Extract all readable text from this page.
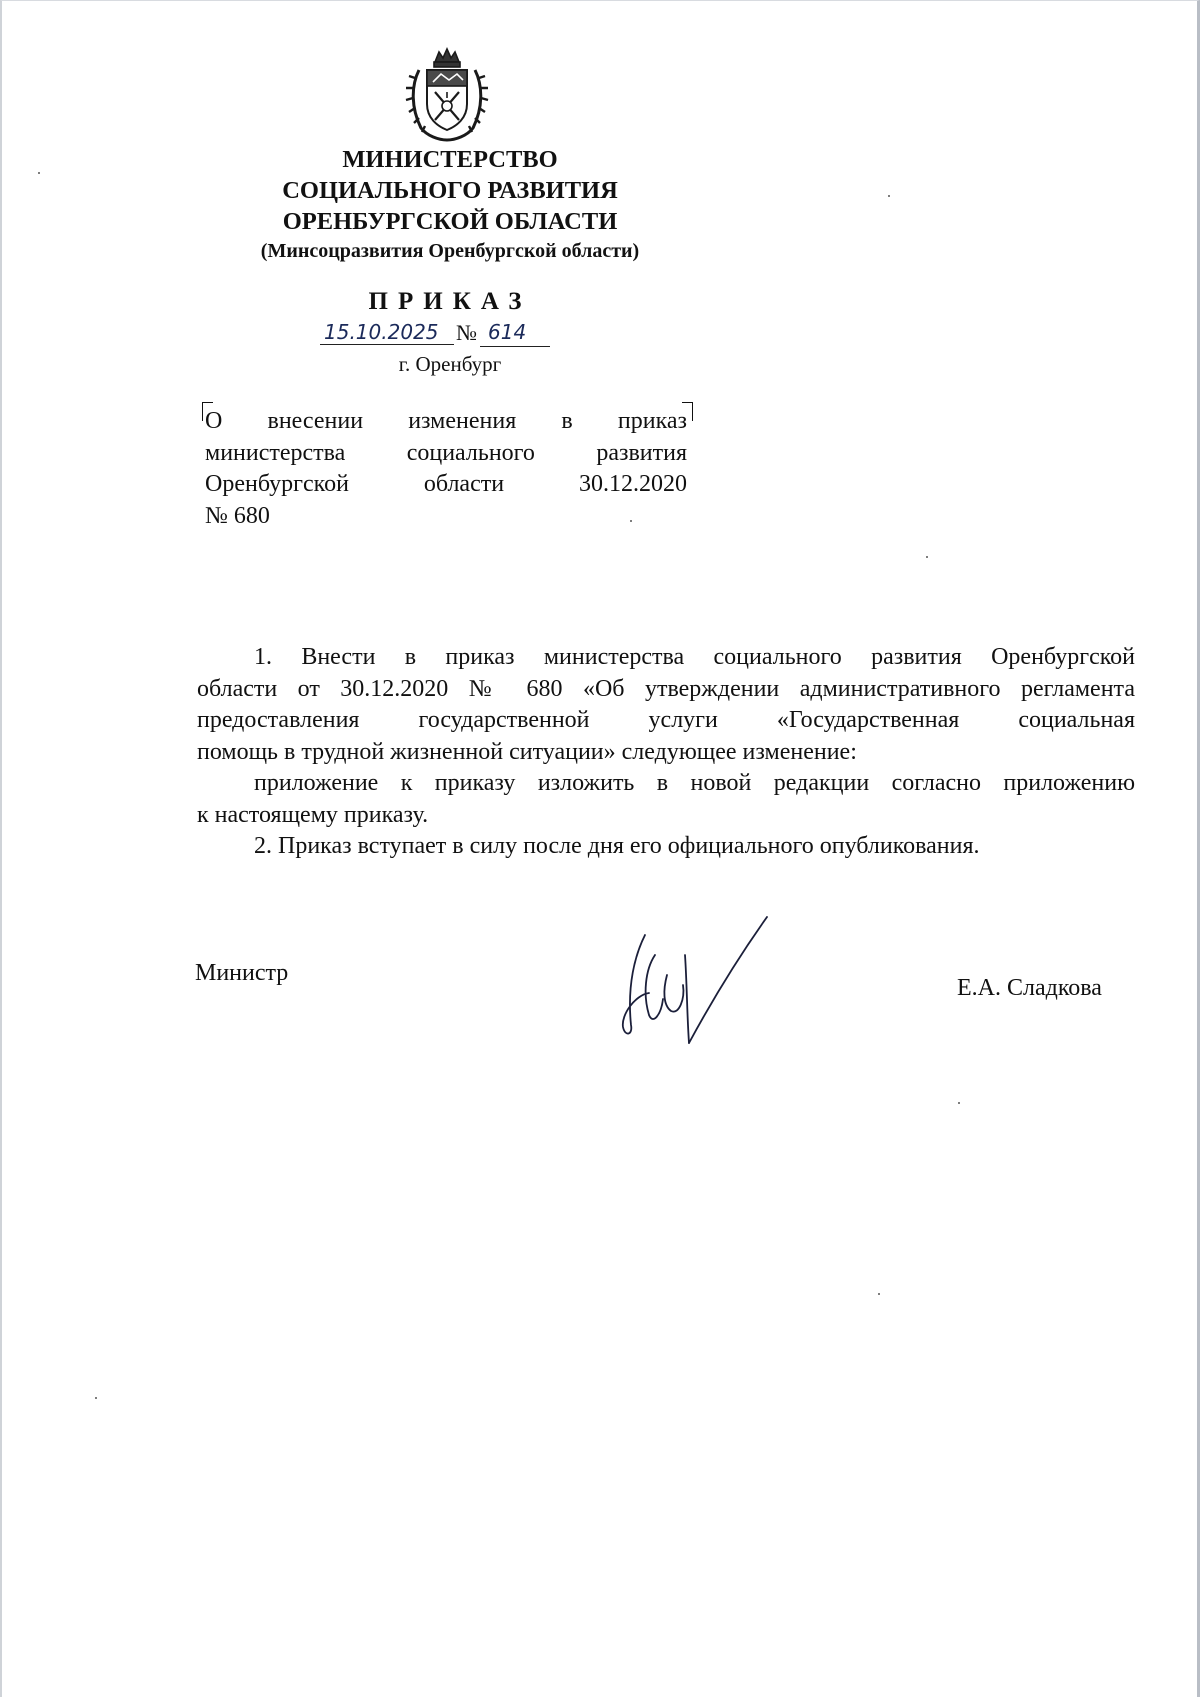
МИНИСТЕРСТВО
СОЦИАЛЬНОГО РАЗВИТИЯ
ОРЕНБУРГСКОЙ ОБЛАСТИ
(Минсоцразвития Оренбургской области)
ПРИКАЗ
15.10.2025 № 614
г. Оренбург
О внесении изменения в приказ
министерства социального развития
Оренбургской области 30.12.2020
№ 680
1. Внести в приказ министерства социального развития Оренбургской
области от 30.12.2020 № 680 «Об утверждении административного регламента
предоставления государственной услуги «Государственная социальная
помощь в трудной жизненной ситуации» следующее изменение:
приложение к приказу изложить в новой редакции согласно приложению
к настоящему приказу.
2. Приказ вступает в силу после дня его официального опубликования.
Министр
Е.А. Сладкова
